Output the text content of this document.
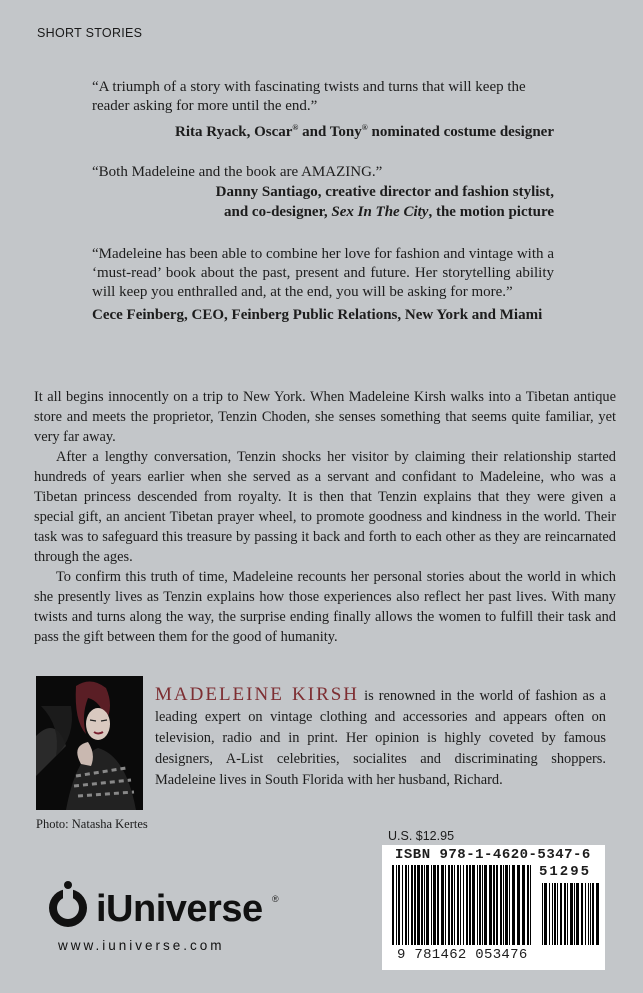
SHORT STORIES
“A triumph of a story with fascinating twists and turns that will keep the reader asking for more until the end.”
Rita Ryack, Oscar® and Tony® nominated costume designer
“Both Madeleine and the book are AMAZING.”
Danny Santiago, creative director and fashion stylist,
and co-designer, Sex In The City, the motion picture
“Madeleine has been able to combine her love for fashion and vintage with a ‘must-read’ book about the past, present and future. Her storytelling ability will keep you enthralled and, at the end, you will be asking for more.”
Cece Feinberg, CEO, Feinberg Public Relations, New York and Miami

It all begins innocently on a trip to New York. When Madeleine Kirsh walks into a Tibetan antique store and meets the proprietor, Tenzin Choden, she senses something that seems quite familiar, yet very far away.

After a lengthy conversation, Tenzin shocks her visitor by claiming their relationship started hundreds of years earlier when she served as a servant and confidant to Madeleine, who was a Tibetan princess descended from royalty. It is then that Tenzin explains that they were given a special gift, an ancient Tibetan prayer wheel, to promote goodness and kindness in the world. Their task was to safeguard this treasure by passing it back and forth to each other as they are reincarnated through the ages.

To confirm this truth of time, Madeleine recounts her personal stories about the world in which she presently lives as Tenzin explains how those experiences also reflect her past lives. With many twists and turns along the way, the surprise ending finally allows the women to fulfill their task and pass the gift between them for the good of humanity.

Photo: Natasha Kertes
MADELEINE KIRSH is renowned in the world of fashion as a leading expert on vintage clothing and accessories and appears often on television, radio and in print. Her opinion is highly coveted by famous designers, A-List celebrities, socialites and discriminating shoppers. Madeleine lives in South Florida with her husband, Richard.
U.S. $12.95
ISBN 978-1-4620-5347-6
51295
9 781462 053476
iUniverse ®
www.iuniverse.com
